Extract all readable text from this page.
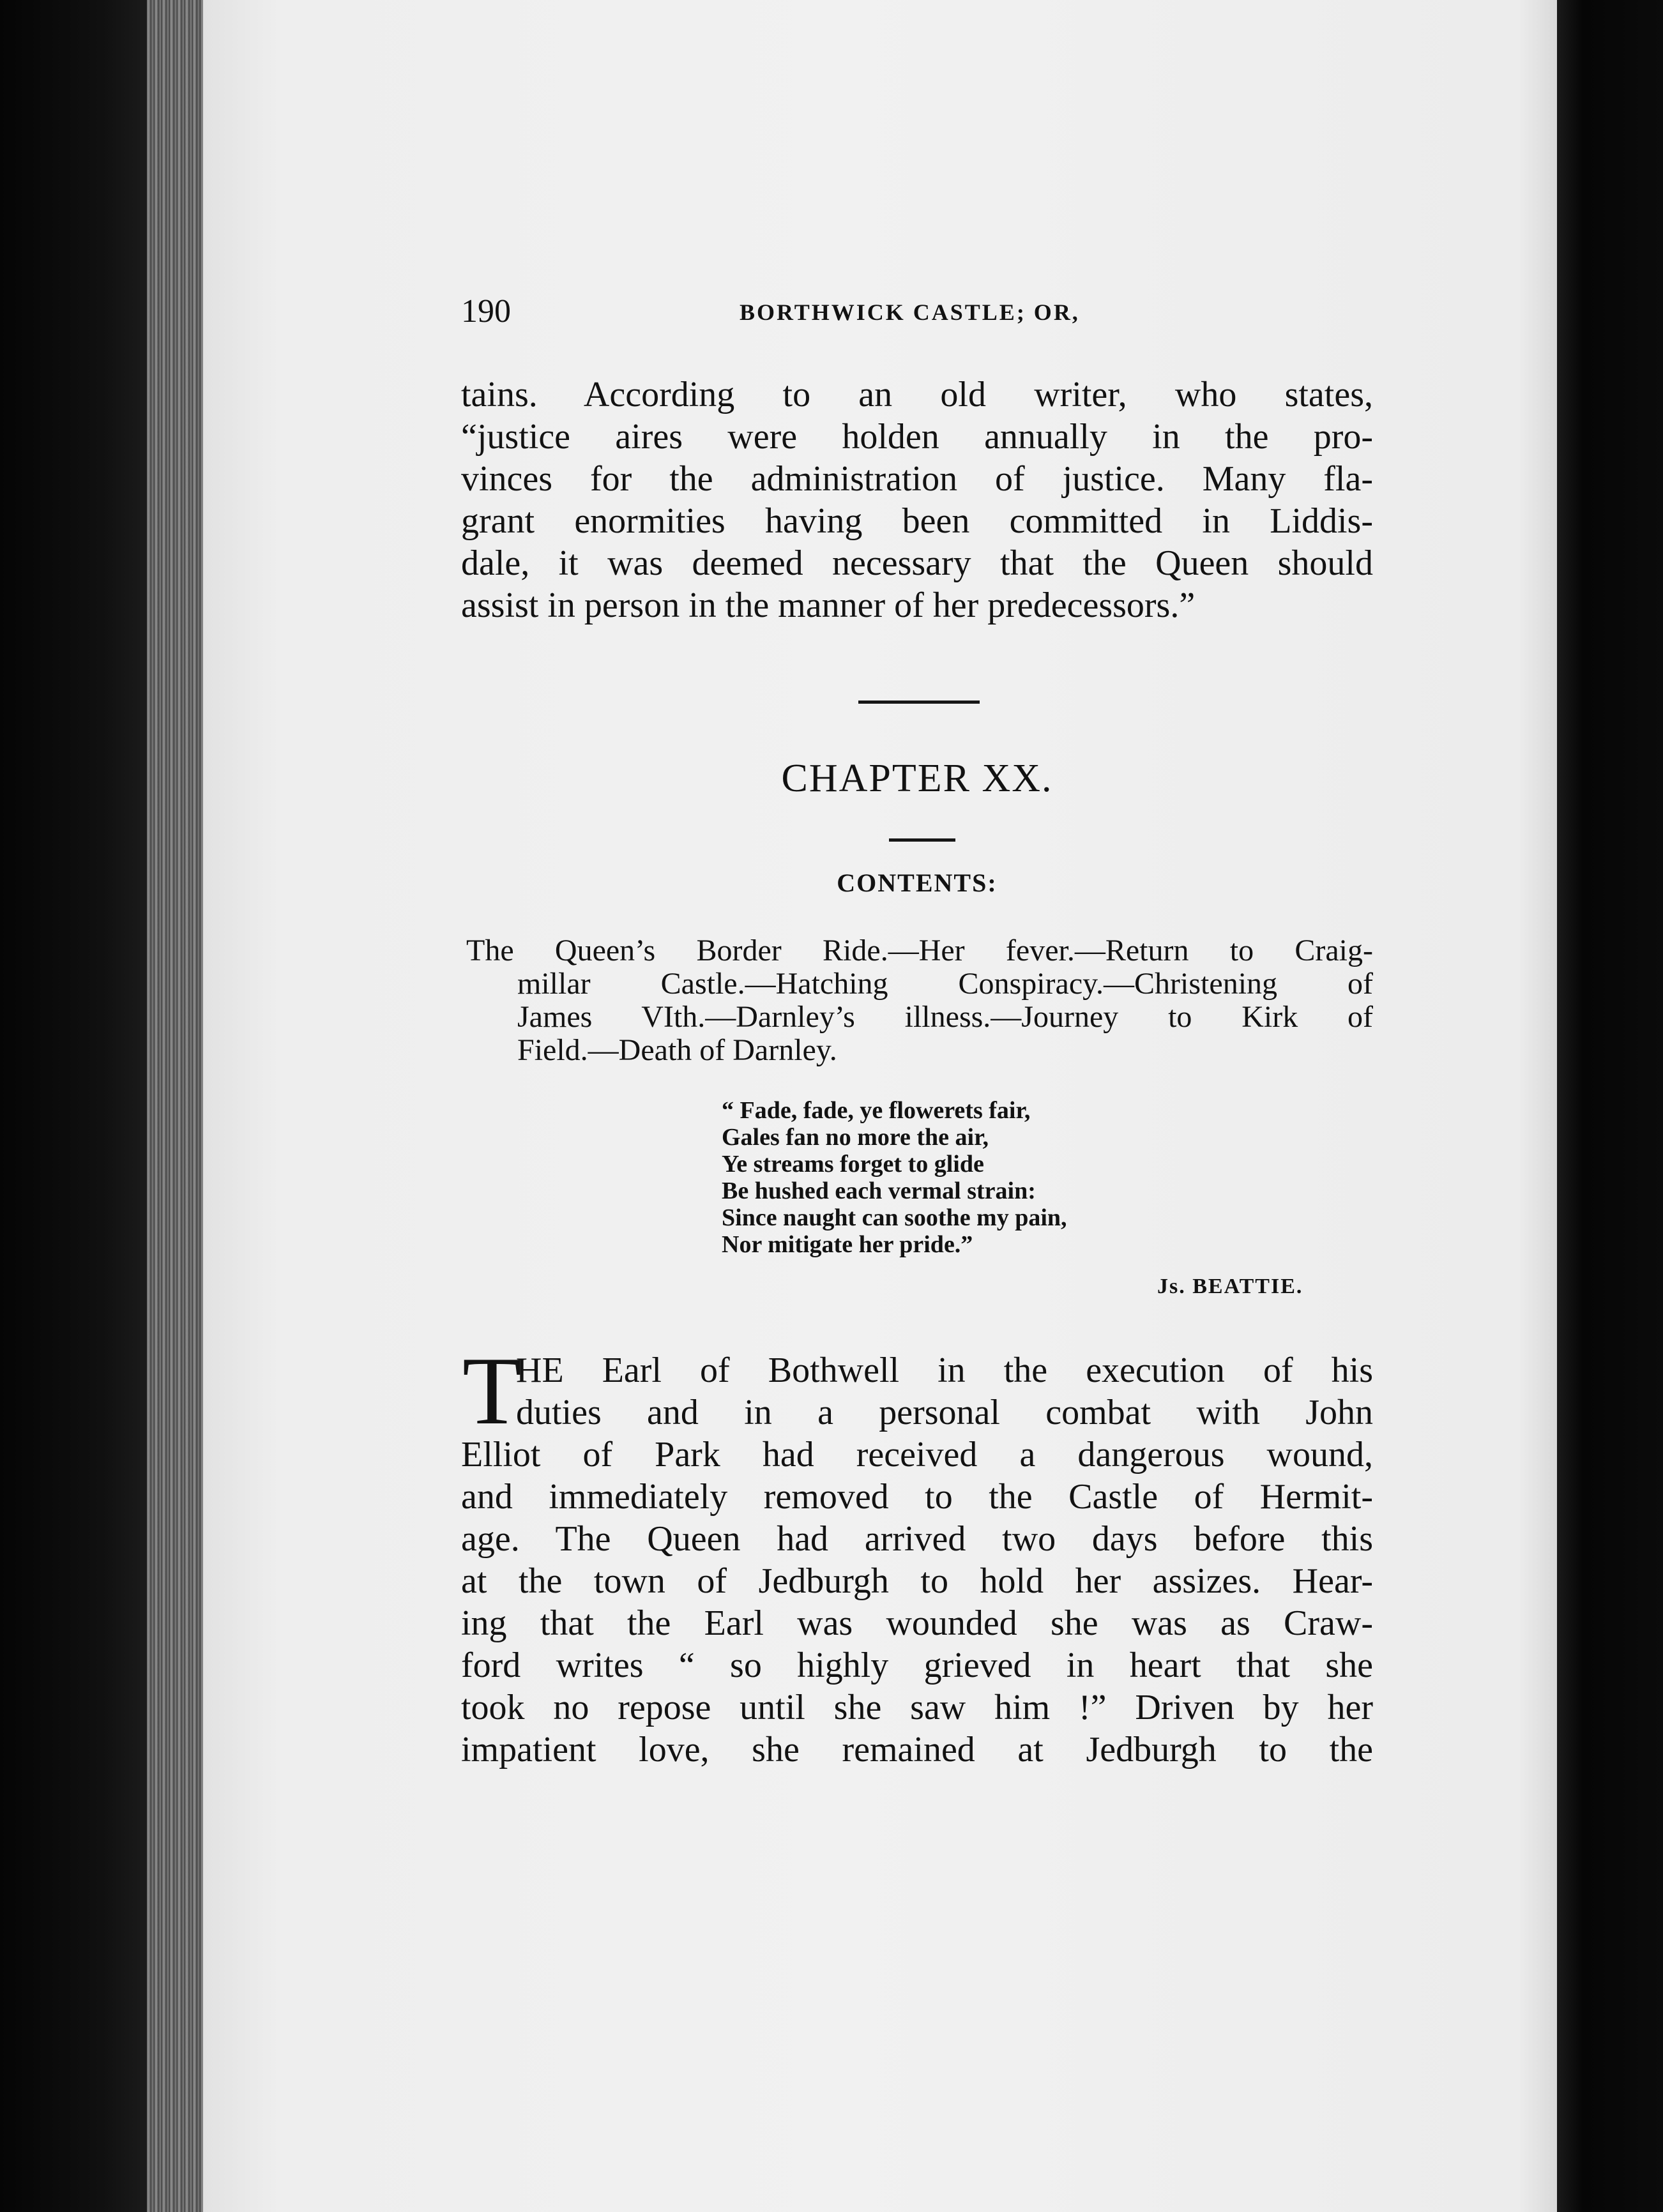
190	BORTHWICK CASTLE; OR,
tains. According to an old writer, who states,
“justice aires were holden annually in the pro-
vinces for the administration of justice. Many fla-
grant enormities having been committed in Liddis-
dale, it was deemed necessary that the Queen should
assist in person in the manner of her predecessors.”
CHAPTER XX.
CONTENTS:
The Queen’s Border Ride.—Her fever.—Return to Craig-
millar Castle.—Hatching Conspiracy.—Christening of
James VIth.—Darnley’s illness.—Journey to Kirk of
Field.—Death of Darnley.
“ Fade, fade, ye flowerets fair,
Gales fan no more the air,
Ye streams forget to glide
Be hushed each vermal strain:
Since naught can soothe my pain,
Nor mitigate her pride.”
Js. BEATTIE.
T
HE Earl of Bothwell in the execution of his
duties and in a personal combat with John
Elliot of Park had received a dangerous wound,
and immediately removed to the Castle of Hermit-
age. The Queen had arrived two days before this
at the town of Jedburgh to hold her assizes. Hear-
ing that the Earl was wounded she was as Craw-
ford writes “ so highly grieved in heart that she
took no repose until she saw him !” Driven by her
impatient love, she remained at Jedburgh to the
